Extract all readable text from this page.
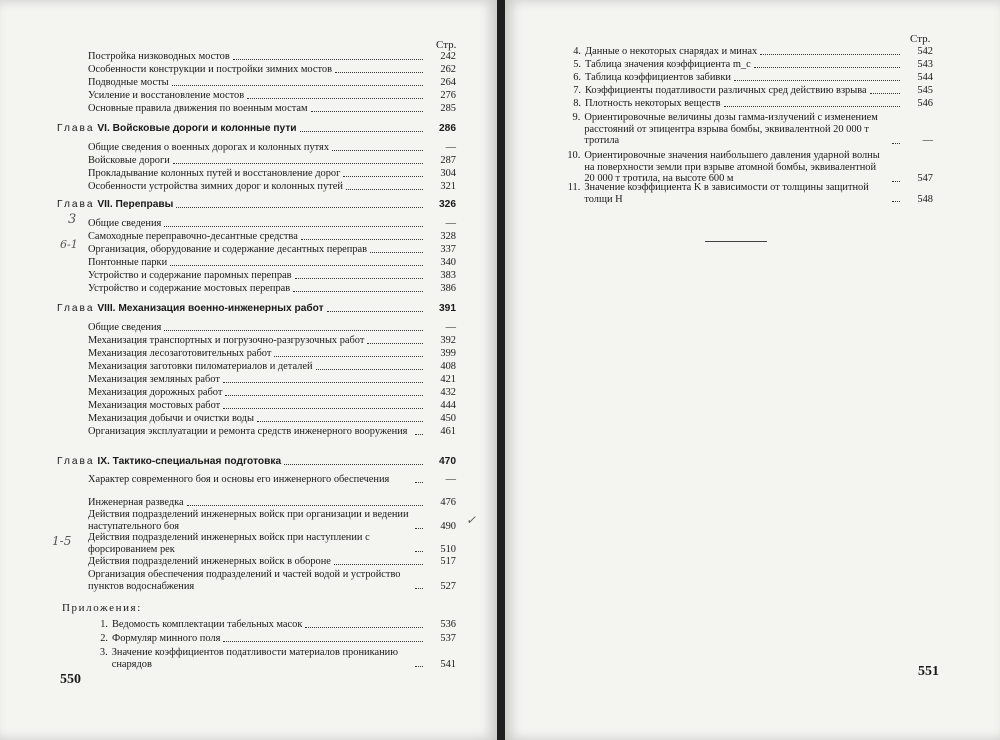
Стр.
Постройка низководных мостов	242
Особенности конструкции и постройки зимних мостов	262
Подводные мосты	264
Усиление и восстановление мостов	276
Основные правила движения по военным мостам	285
Глава
VI. Войсковые дороги и колонные пути	286
Общие сведения о военных дорогах и колонных путях	—
Войсковые дороги	287
Прокладывание колонных путей и восстановление дорог	304
Особенности устройства зимних дорог и колонных путей	321
Глава
VII. Переправы	326
Общие сведения	—
Самоходные переправочно-десантные средства	328
Организация, оборудование и содержание десантных переправ	337
Понтонные парки	340
Устройство и содержание паромных переправ	383
Устройство и содержание мостовых переправ	386
Глава
VIII. Механизация военно-инженерных работ	391
Общие сведения	—
Механизация транспортных и погрузочно-разгрузочных работ	392
Механизация лесозаготовительных работ	399
Механизация заготовки пиломатериалов и деталей	408
Механизация земляных работ	421
Механизация дорожных работ	432
Механизация мостовых работ	444
Механизация добычи и очистки воды	450
Организация эксплуатации и ремонта средств инженерного вооружения	461
Глава
IX. Тактико-специальная подготовка	470
Характер современного боя и основы его инженерного обеспечения	—
Инженерная разведка	476
Действия подразделений инженерных войск при организации и ведении наступательного боя	490
Действия подразделений инженерных войск при наступлении с форсированием рек	510
Действия подразделений инженерных войск в обороне	517
Организация обеспечения подразделений и частей водой и устройство пунктов водоснабжения	527
Приложения:
1. Ведомость комплектации табельных масок	536
2. Формуляр минного поля	537
3. Значение коэффициентов податливости материалов прониканию снарядов	541
550
3
6-1
1-5
✓
Стр.
4. Данные о некоторых снарядах и минах	542
5. Таблица значения коэффициента m_c	543
6. Таблица коэффициентов забивки	544
7. Коэффициенты податливости различных сред действию взрыва	545
8. Плотность некоторых веществ	546
9. Ориентировочные величины дозы гамма-излучений с изменением расстояний от эпицентра взрыва бомбы, эквивалентной 20 000 т тротила	—
10. Ориентировочные значения наибольшего давления ударной волны на поверхности земли при взрыве атомной бомбы, эквивалентной 20 000 т тротила, на высоте 600 м	547
11. Значение коэффициента K в зависимости от толщины защитной толщи H	548
551
